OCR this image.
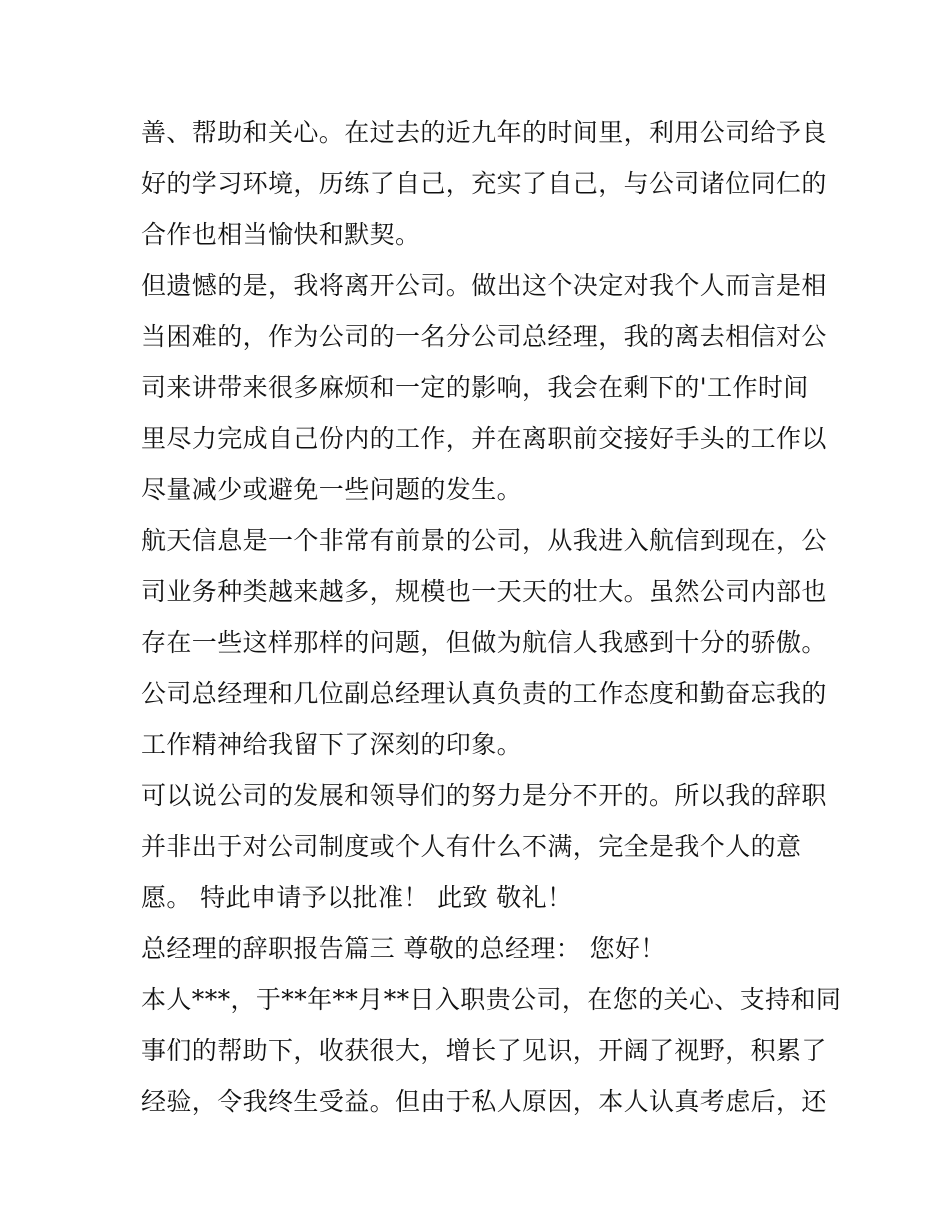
善、帮助和关心。在过去的近九年的时间里，利用公司给予良
好的学习环境，历练了自己，充实了自己，与公司诸位同仁的
合作也相当愉快和默契。
但遗憾的是，我将离开公司。做出这个决定对我个人而言是相
当困难的，作为公司的一名分公司总经理，我的离去相信对公
司来讲带来很多麻烦和一定的影响，我会在剩下的'工作时间
里尽力完成自己份内的工作，并在离职前交接好手头的工作以
尽量减少或避免一些问题的发生。
航天信息是一个非常有前景的公司，从我进入航信到现在，公
司业务种类越来越多，规模也一天天的壮大。虽然公司内部也
存在一些这样那样的问题，但做为航信人我感到十分的骄傲。
公司总经理和几位副总经理认真负责的工作态度和勤奋忘我的
工作精神给我留下了深刻的印象。
可以说公司的发展和领导们的努力是分不开的。所以我的辞职
并非出于对公司制度或个人有什么不满，完全是我个人的意
愿。 特此申请予以批准！ 此致 敬礼！
总经理的辞职报告篇三 尊敬的总经理： 您好！
本人***，于**年**月**日入职贵公司，在您的关心、支持和同
事们的帮助下，收获很大，增长了见识，开阔了视野，积累了
经验，令我终生受益。但由于私人原因，本人认真考虑后，还
